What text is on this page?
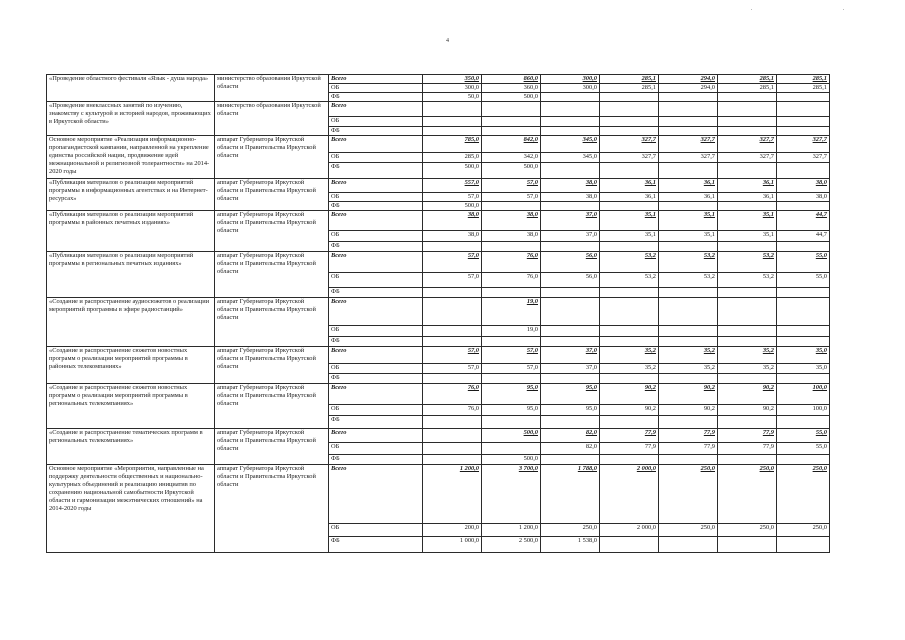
4
«Проведение областного фестиваля «Язык - душа народа»	министерство образования Иркутской области	Всего	350,0	860,0	300,0	285,1	294,0	285,1	285,1
		ОБ	300,0	360,0	300,0	285,1	294,0	285,1	285,1
		ФБ	50,0	500,0					
«Проведение внеклассных занятий по изучению, знакомству с культурой и историей народов, проживающих в Иркутской области»	министерство образования Иркутской области	Всего							
		ОБ							
		ФБ							
Основное мероприятие «Реализация информационно-пропагандистской кампании, направленной на укрепление единства российской нации, продвижение идей межнациональной и религиозной толерантности» на 2014-2020 годы	аппарат Губернатора Иркутской области и Правительства Иркутской области	Всего	785,0	842,0	345,0	327,7	327,7	327,7	327,7
		ОБ	285,0	342,0	345,0	327,7	327,7	327,7	327,7
		ФБ	500,0	500,0					
«Публикация материалов о реализации мероприятий программы в информационных агентствах и на Интернет-ресурсах»	аппарат Губернатора Иркутской области и Правительства Иркутской области	Всего	557,0	57,0	38,0	36,1	36,1	36,1	38,0
		ОБ	57,0	57,0	38,0	36,1	36,1	36,1	38,0
		ФБ	500,0						
«Публикация материалов о реализации мероприятий программы в районных печатных изданиях»	аппарат Губернатора Иркутской области и Правительства Иркутской области	Всего	38,0	38,0	37,0	35,1	35,1	35,1	44,7
		ОБ	38,0	38,0	37,0	35,1	35,1	35,1	44,7
		ФБ							
«Публикация материалов о реализации мероприятий программы в региональных печатных изданиях»	аппарат Губернатора Иркутской области и Правительства Иркутской области	Всего	57,0	76,0	56,0	53,2	53,2	53,2	55,0
		ОБ	57,0	76,0	56,0	53,2	53,2	53,2	55,0
		ФБ							
«Создание и распространение аудиосюжетов о реализации мероприятий программы в эфире радиостанций»	аппарат Губернатора Иркутской области и Правительства Иркутской области	Всего		19,0					
		ОБ		19,0					
		ФБ							
«Создание и распространение сюжетов новостных программ о реализации мероприятий программы в районных телекомпаниях»	аппарат Губернатора Иркутской области и Правительства Иркутской области	Всего	57,0	57,0	37,0	35,2	35,2	35,2	35,0
		ОБ	57,0	57,0	37,0	35,2	35,2	35,2	35,0
		ФБ							
«Создание и распространение сюжетов новостных программ о реализации мероприятий программы в региональных телекомпаниях»	аппарат Губернатора Иркутской области и Правительства Иркутской области	Всего	76,0	95,0	95,0	90,2	90,2	90,2	100,0
		ОБ	76,0	95,0	95,0	90,2	90,2	90,2	100,0
		ФБ							
«Создание и распространение тематических программ в региональных телекомпаниях»	аппарат Губернатора Иркутской области и Правительства Иркутской области	Всего		500,0	82,0	77,9	77,9	77,9	55,0
		ОБ			82,0	77,9	77,9	77,9	55,0
		ФБ		500,0					
Основное мероприятие «Мероприятия, направленные на поддержку деятельности общественных и национально-культурных объединений и реализацию инициатив по сохранению национальной самобытности Иркутской области и гармонизации межэтнических отношений» на 2014-2020 годы	аппарат Губернатора Иркутской области и Правительства Иркутской области	Всего	1 200,0	3 700,0	1 788,0	2 000,0	250,0	250,0	250,0
		ОБ	200,0	1 200,0	250,0	2 000,0	250,0	250,0	250,0
		ФБ	1 000,0	2 500,0	1 538,0				
